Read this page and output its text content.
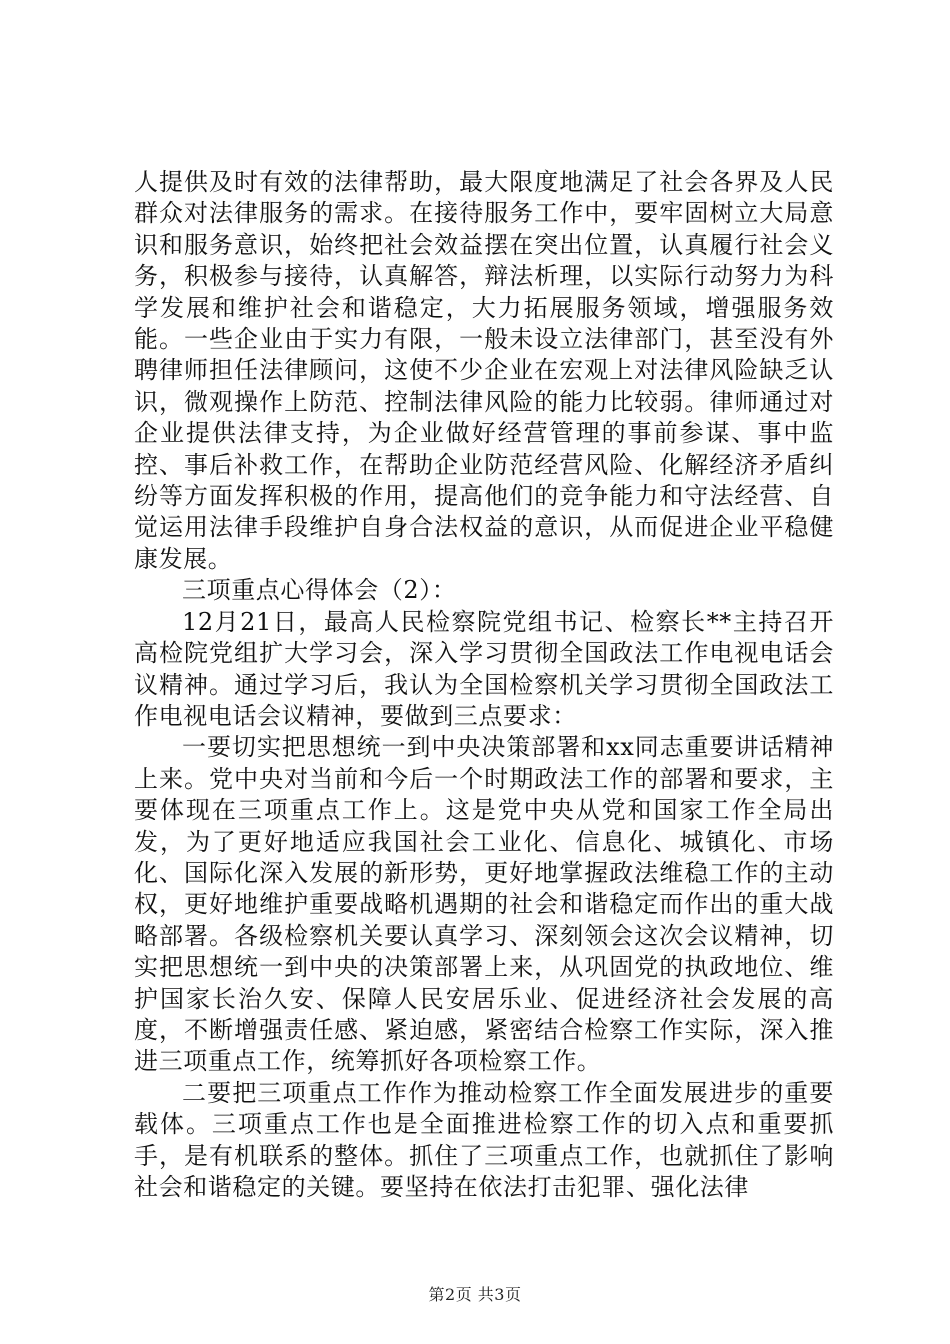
人提供及时有效的法律帮助，最大限度地满足了社会各界及人民群众对法律服务的需求。在接待服务工作中，要牢固树立大局意识和服务意识，始终把社会效益摆在突出位置，认真履行社会义务，积极参与接待，认真解答，辩法析理，以实际行动努力为科学发展和维护社会和谐稳定，大力拓展服务领域，增强服务效能。一些企业由于实力有限，一般未设立法律部门，甚至没有外聘律师担任法律顾问，这使不少企业在宏观上对法律风险缺乏认识，微观操作上防范、控制法律风险的能力比较弱。律师通过对企业提供法律支持，为企业做好经营管理的事前参谋、事中监控、事后补救工作，在帮助企业防范经营风险、化解经济矛盾纠纷等方面发挥积极的作用，提高他们的竞争能力和守法经营、自觉运用法律手段维护自身合法权益的意识，从而促进企业平稳健康发展。

三项重点心得体会（2）：

12月21日，最高人民检察院党组书记、检察长**主持召开高检院党组扩大学习会，深入学习贯彻全国政法工作电视电话会议精神。通过学习后，我认为全国检察机关学习贯彻全国政法工作电视电话会议精神，要做到三点要求：

一要切实把思想统一到中央决策部署和xx同志重要讲话精神上来。党中央对当前和今后一个时期政法工作的部署和要求，主要体现在三项重点工作上。这是党中央从党和国家工作全局出发，为了更好地适应我国社会工业化、信息化、城镇化、市场化、国际化深入发展的新形势，更好地掌握政法维稳工作的主动权，更好地维护重要战略机遇期的社会和谐稳定而作出的重大战略部署。各级检察机关要认真学习、深刻领会这次会议精神，切实把思想统一到中央的决策部署上来，从巩固党的执政地位、维护国家长治久安、保障人民安居乐业、促进经济社会发展的高度，不断增强责任感、紧迫感，紧密结合检察工作实际，深入推进三项重点工作，统筹抓好各项检察工作。

二要把三项重点工作作为推动检察工作全面发展进步的重要载体。三项重点工作也是全面推进检察工作的切入点和重要抓手，是有机联系的整体。抓住了三项重点工作，也就抓住了影响社会和谐稳定的关键。要坚持在依法打击犯罪、强化法律

第2页 共3页
